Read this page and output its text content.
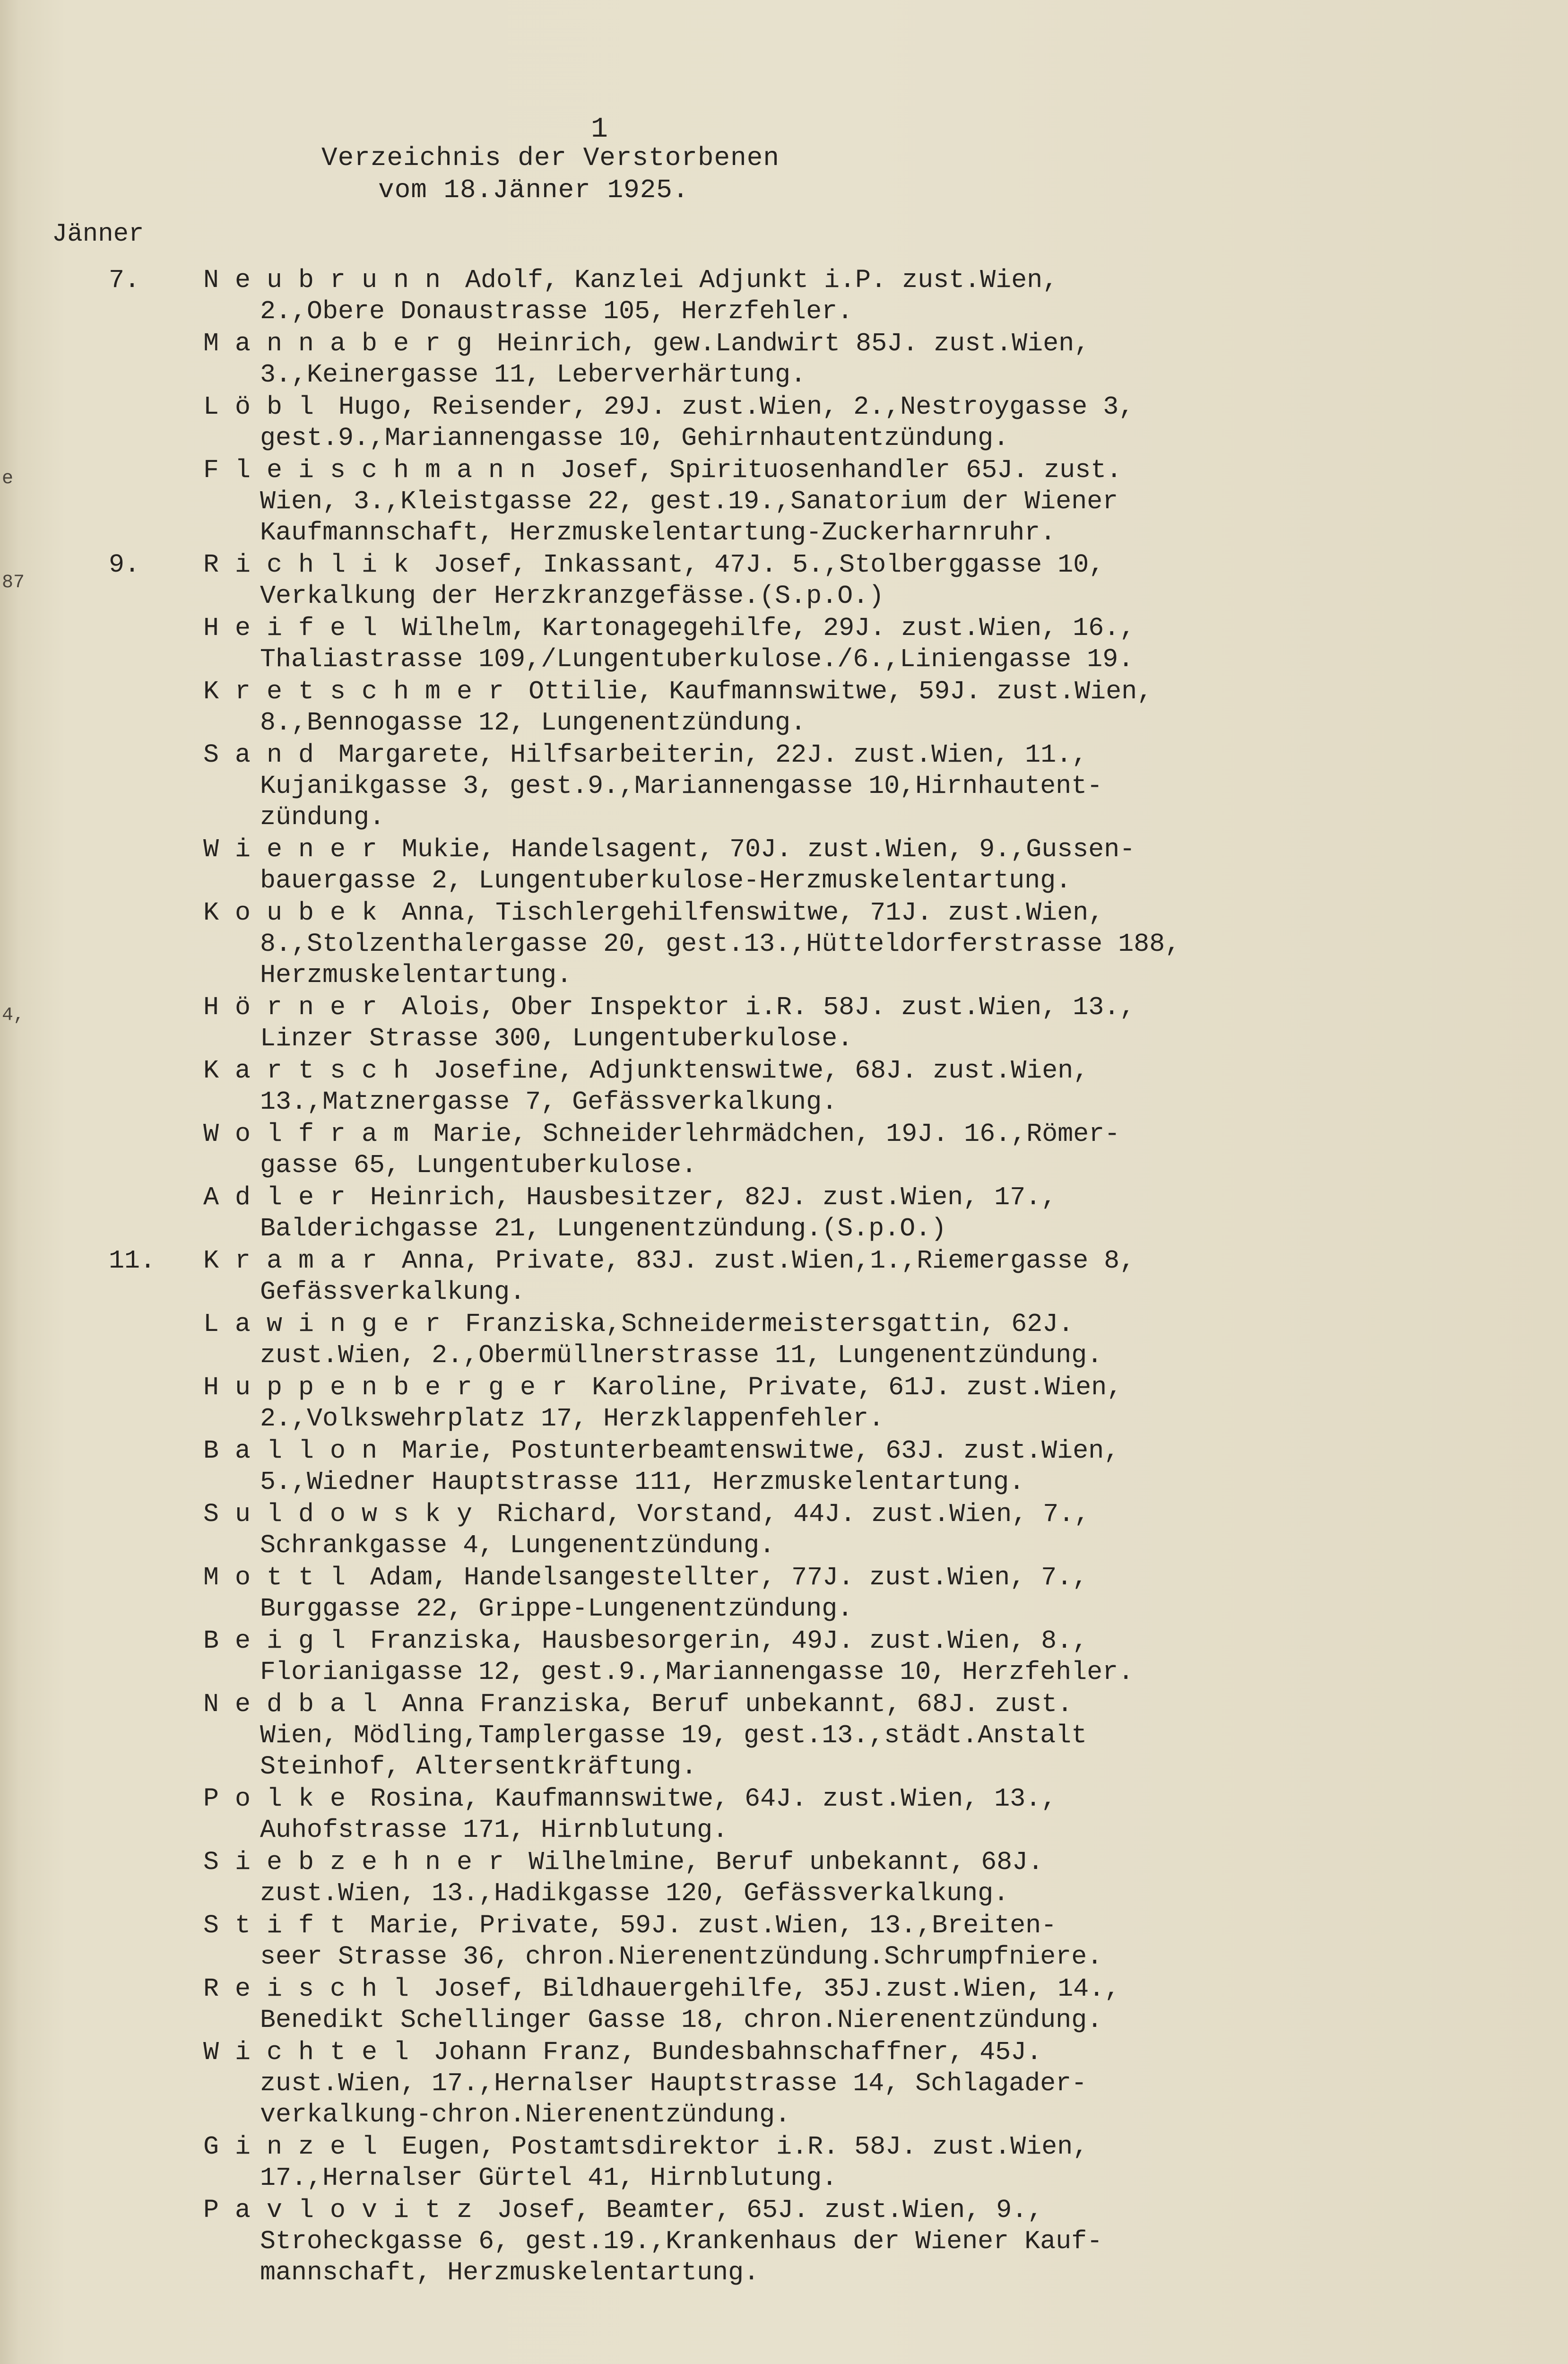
e
87
4,
1
Verzeichnis der Verstorbenen
vom 18.Jänner 1925.
Jänner
7. Neubrunn Adolf, Kanzlei Adjunkt i.P. zust.Wien,
2.,Obere Donaustrasse 105, Herzfehler.
Mannaberg Heinrich, gew.Landwirt 85J. zust.Wien,
3.,Keinergasse 11, Leberverhärtung.
Löbl Hugo, Reisender, 29J. zust.Wien, 2.,Nestroygasse 3,
gest.9.,Mariannengasse 10, Gehirnhautentzündung.
Fleischmann Josef, Spirituosenhandler 65J. zust.
Wien, 3.,Kleistgasse 22, gest.19.,Sanatorium der Wiener
Kaufmannschaft, Herzmuskelentartung-Zuckerharnruhr.
9. Richlik Josef, Inkassant, 47J. 5.,Stolberggasse 10,
Verkalkung der Herzkranzgefässe.(S.p.O.)
Heifel Wilhelm, Kartonagegehilfe, 29J. zust.Wien, 16.,
Thaliastrasse 109,/Lungentuberkulose./6.,Liniengasse 19.
Kretschmer Ottilie, Kaufmannswitwe, 59J. zust.Wien,
8.,Bennogasse 12, Lungenentzündung.
Sand Margarete, Hilfsarbeiterin, 22J. zust.Wien, 11.,
Kujanikgasse 3, gest.9.,Mariannengasse 10,Hirnhautent-
zündung.
Wiener Mukie, Handelsagent, 70J. zust.Wien, 9.,Gussen-
bauergasse 2, Lungentuberkulose-Herzmuskelentartung.
Koubek Anna, Tischlergehilfenswitwe, 71J. zust.Wien,
8.,Stolzenthalergasse 20, gest.13.,Hütteldorferstrasse 188,
Herzmuskelentartung.
Hörner Alois, Ober Inspektor i.R. 58J. zust.Wien, 13.,
Linzer Strasse 300, Lungentuberkulose.
Kartsch Josefine, Adjunktenswitwe, 68J. zust.Wien,
13.,Matznergasse 7, Gefässverkalkung.
Wolfram Marie, Schneiderlehrmädchen, 19J. 16.,Römer-
gasse 65, Lungentuberkulose.
Adler Heinrich, Hausbesitzer, 82J. zust.Wien, 17.,
Balderichgasse 21, Lungenentzündung.(S.p.O.)
11. Kramar Anna, Private, 83J. zust.Wien,1.,Riemergasse 8,
Gefässverkalkung.
Lawinger Franziska,Schneidermeistersgattin, 62J.
zust.Wien, 2.,Obermüllnerstrasse 11, Lungenentzündung.
Huppenberger Karoline, Private, 61J. zust.Wien,
2.,Volkswehrplatz 17, Herzklappenfehler.
Ballon Marie, Postunterbeamtenswitwe, 63J. zust.Wien,
5.,Wiedner Hauptstrasse 111, Herzmuskelentartung.
Suldowsky Richard, Vorstand, 44J. zust.Wien, 7.,
Schrankgasse 4, Lungenentzündung.
Mottl Adam, Handelsangestellter, 77J. zust.Wien, 7.,
Burggasse 22, Grippe-Lungenentzündung.
Beigl Franziska, Hausbesorgerin, 49J. zust.Wien, 8.,
Florianigasse 12, gest.9.,Mariannengasse 10, Herzfehler.
Nedbal Anna Franziska, Beruf unbekannt, 68J. zust.
Wien, Mödling,Tamplergasse 19, gest.13.,städt.Anstalt
Steinhof, Altersentkräftung.
Polke Rosina, Kaufmannswitwe, 64J. zust.Wien, 13.,
Auhofstrasse 171, Hirnblutung.
Siebzehner Wilhelmine, Beruf unbekannt, 68J.
zust.Wien, 13.,Hadikgasse 120, Gefässverkalkung.
Stift Marie, Private, 59J. zust.Wien, 13.,Breiten-
seer Strasse 36, chron.Nierenentzündung.Schrumpfniere.
Reischl Josef, Bildhauergehilfe, 35J.zust.Wien, 14.,
Benedikt Schellinger Gasse 18, chron.Nierenentzündung.
Wichtel Johann Franz, Bundesbahnschaffner, 45J.
zust.Wien, 17.,Hernalser Hauptstrasse 14, Schlagader-
verkalkung-chron.Nierenentzündung.
Ginzel Eugen, Postamtsdirektor i.R. 58J. zust.Wien,
17.,Hernalser Gürtel 41, Hirnblutung.
Pavlovitz Josef, Beamter, 65J. zust.Wien, 9.,
Stroheckgasse 6, gest.19.,Krankenhaus der Wiener Kauf-
mannschaft, Herzmuskelentartung.
